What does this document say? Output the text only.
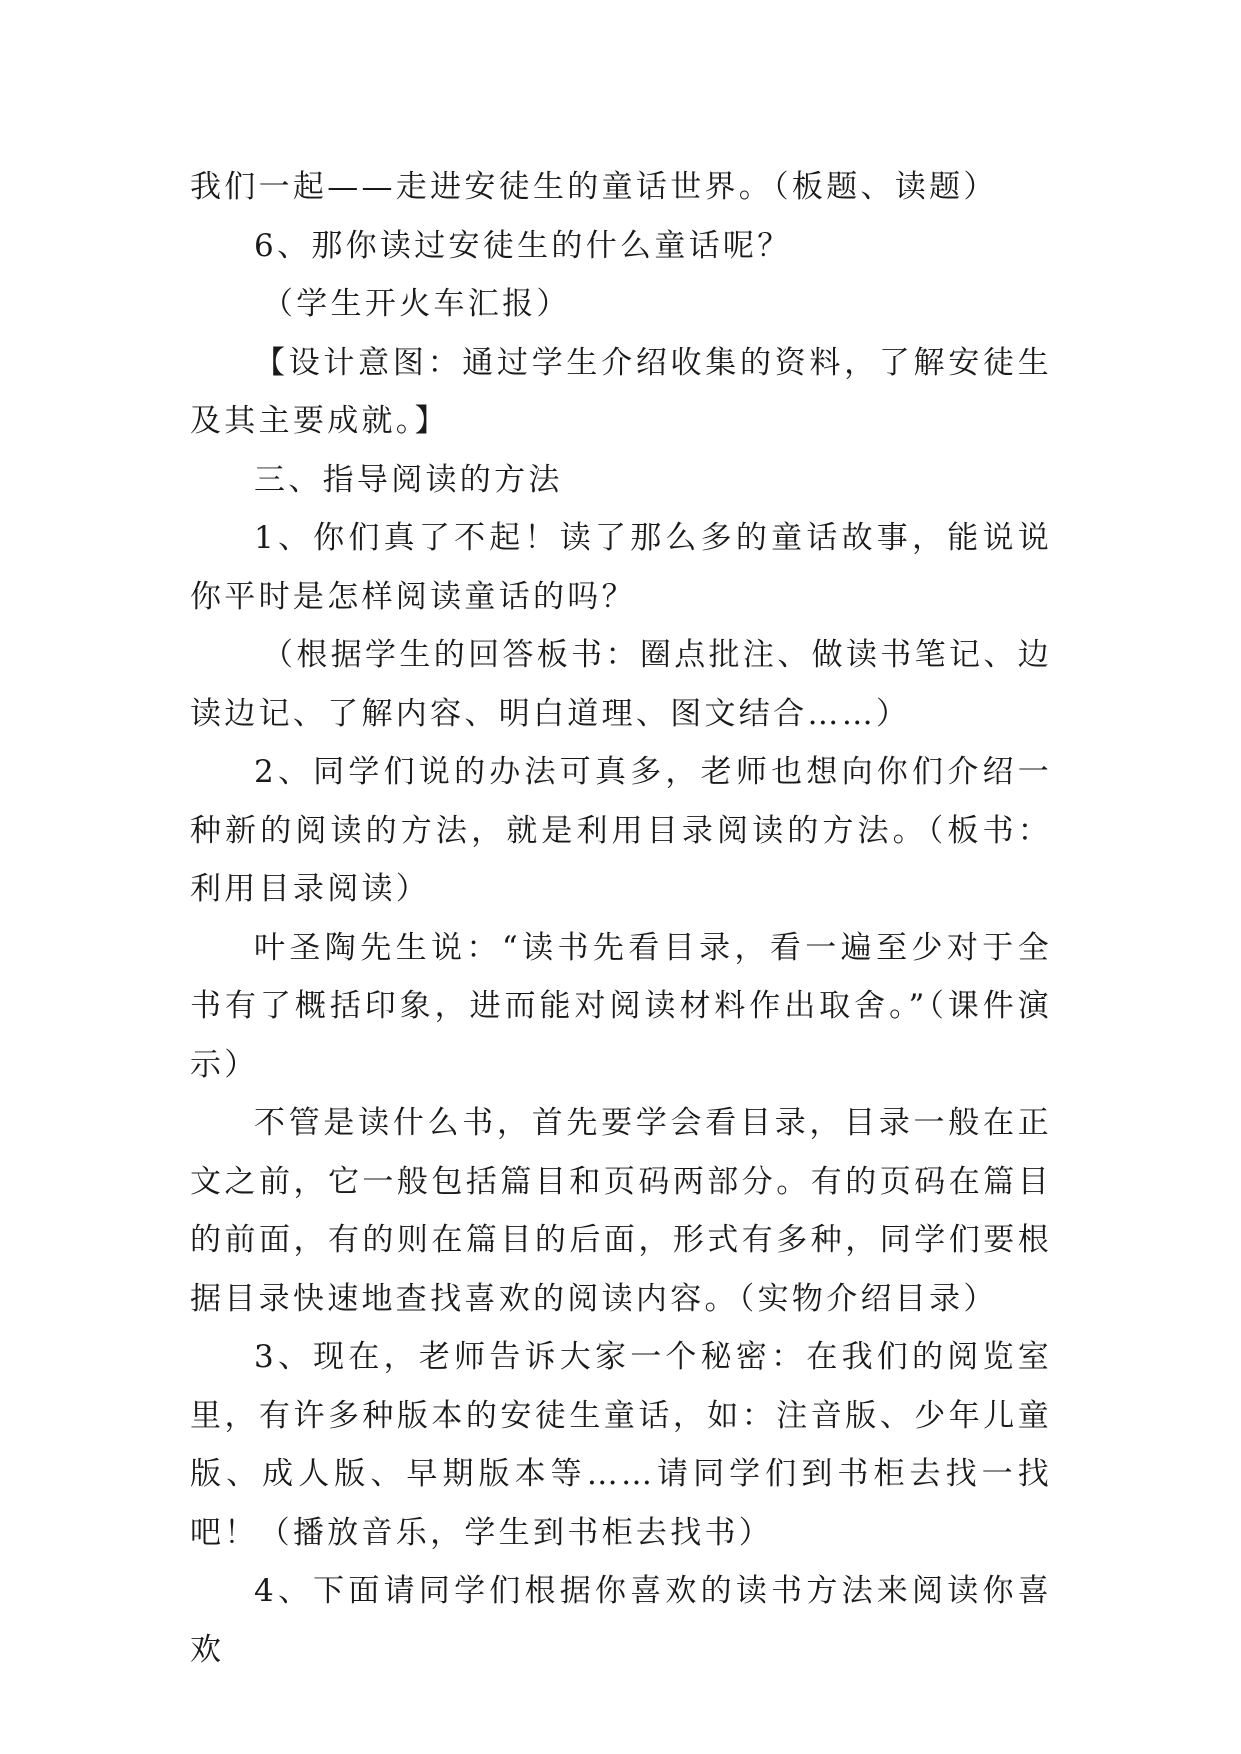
我们一起——走进安徒生的童话世界。（板题、读题）

6、那你读过安徒生的什么童话呢？

（学生开火车汇报）

【设计意图：通过学生介绍收集的资料，了解安徒生及其主要成就。】

三、指导阅读的方法

1、你们真了不起！读了那么多的童话故事，能说说你平时是怎样阅读童话的吗？

（根据学生的回答板书：圈点批注、做读书笔记、边读边记、了解内容、明白道理、图文结合……）

2、同学们说的办法可真多，老师也想向你们介绍一种新的阅读的方法，就是利用目录阅读的方法。（板书：利用目录阅读）

叶圣陶先生说：“读书先看目录，看一遍至少对于全书有了概括印象，进而能对阅读材料作出取舍。”（课件演示）

不管是读什么书，首先要学会看目录，目录一般在正文之前，它一般包括篇目和页码两部分。有的页码在篇目的前面，有的则在篇目的后面，形式有多种，同学们要根据目录快速地查找喜欢的阅读内容。（实物介绍目录）

3、现在，老师告诉大家一个秘密：在我们的阅览室里，有许多种版本的安徒生童话，如：注音版、少年儿童版、成人版、早期版本等……请同学们到书柜去找一找吧！（播放音乐，学生到书柜去找书）

4、下面请同学们根据你喜欢的读书方法来阅读你喜欢
